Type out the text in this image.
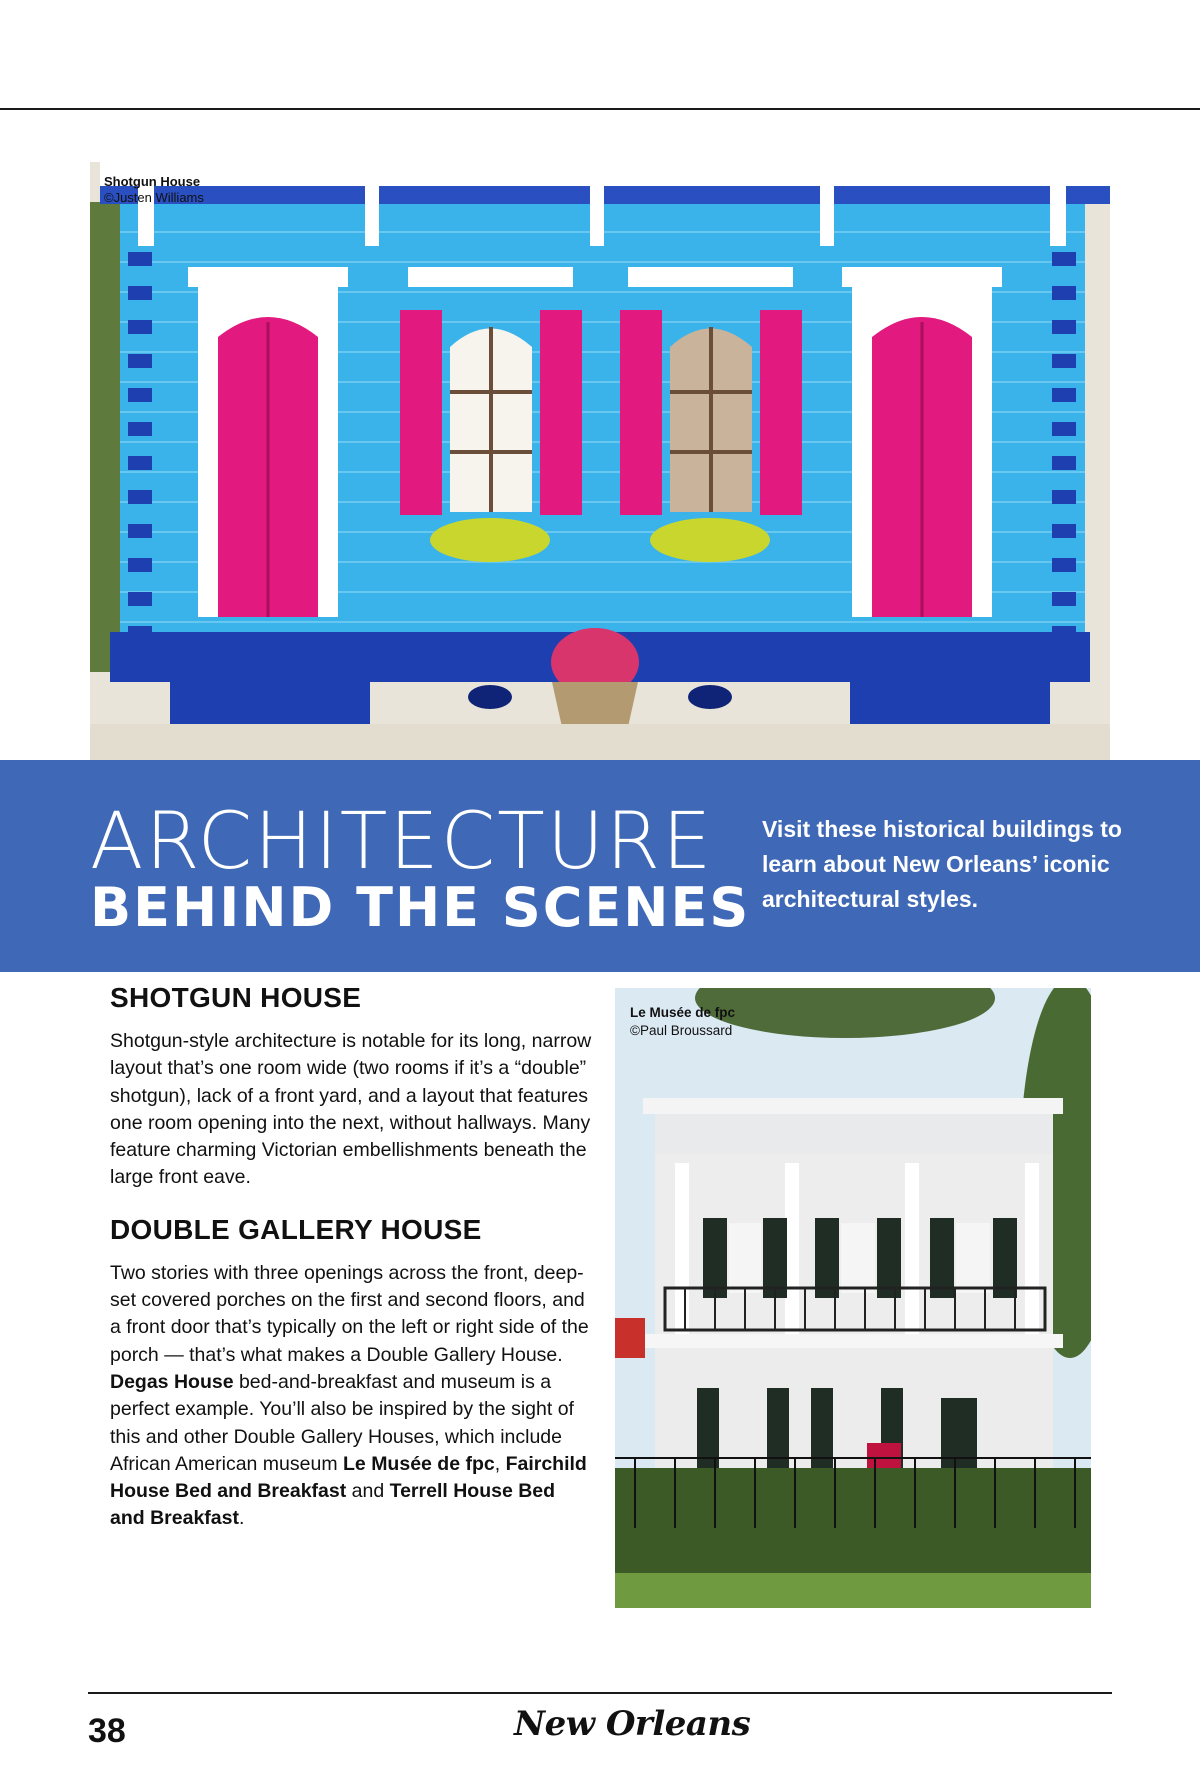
Shotgun House
©Justen Williams
ARCHITECTURE
BEHIND THE SCENES
Visit these historical buildings to learn about New Orleans’ iconic architectural styles.
SHOTGUN HOUSE

Shotgun-style architecture is notable for its long, narrow layout that’s one room wide (two rooms if it’s a “double” shotgun), lack of a front yard, and a layout that features one room opening into the next, without hallways. Many feature charming Victorian embellishments beneath the large front eave.

DOUBLE GALLERY HOUSE

Two stories with three openings across the front, deep-set covered porches on the first and second floors, and a front door that’s typically on the left or right side of the porch — that’s what makes a Double Gallery House. Degas House bed-and-breakfast and museum is a perfect example. You’ll also be inspired by the sight of this and other Double Gallery Houses, which include African American museum Le Musée de fpc, Fairchild House Bed and Breakfast and Terrell House Bed and Breakfast.

Le Musée de fpc
©Paul Broussard
38	New Orleans
